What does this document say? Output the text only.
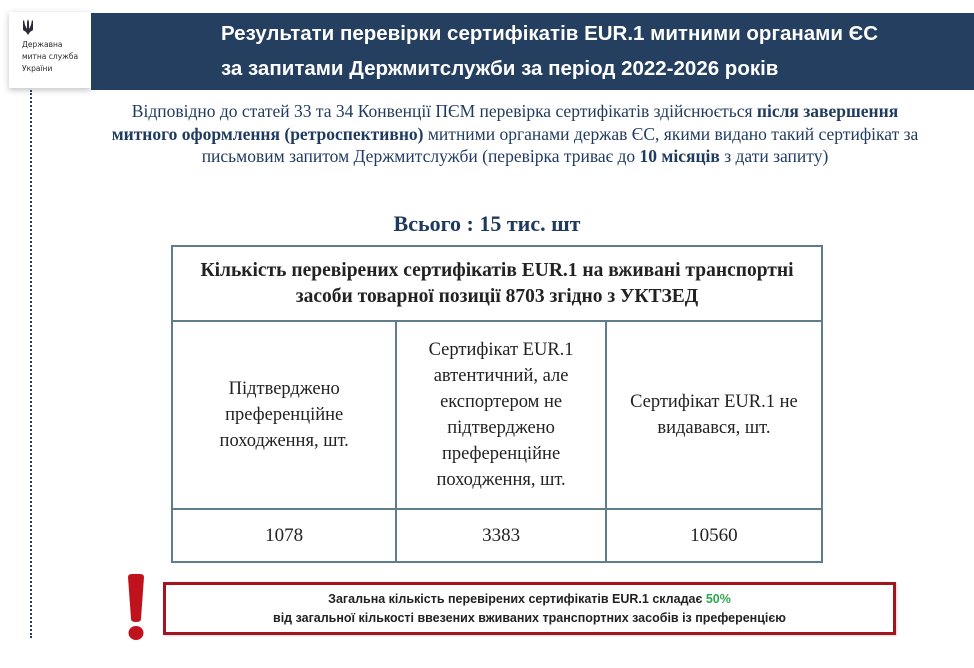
Державна
митна служба
України
Результати перевірки сертифікатів EUR.1 митними органами ЄС
за запитами Держмитслужби за період 2022-2026 років
Відповідно до статей 33 та 34 Конвенції ПЄМ перевірка сертифікатів здійснюється після завершення митного оформлення (ретроспективно) митними органами держав ЄС, якими видано такий сертифікат за письмовим запитом Держмитслужби (перевірка триває до 10 місяців з дати запиту)
Всього : 15 тис. шт
Кількість перевірених сертифікатів EUR.1 на вживані транспортні засоби товарної позиції 8703 згідно з УКТЗЕД		
Підтверджено преференційне походження, шт.	Сертифікат EUR.1 автентичний, але експортером не підтверджено преференційне походження, шт.	Сертифікат EUR.1 не видавався, шт.
1078	3383	10560
Загальна кількість перевірених сертифікатів EUR.1 складає 50%
від загальної кількості ввезених вживаних транспортних засобів із преференцією
